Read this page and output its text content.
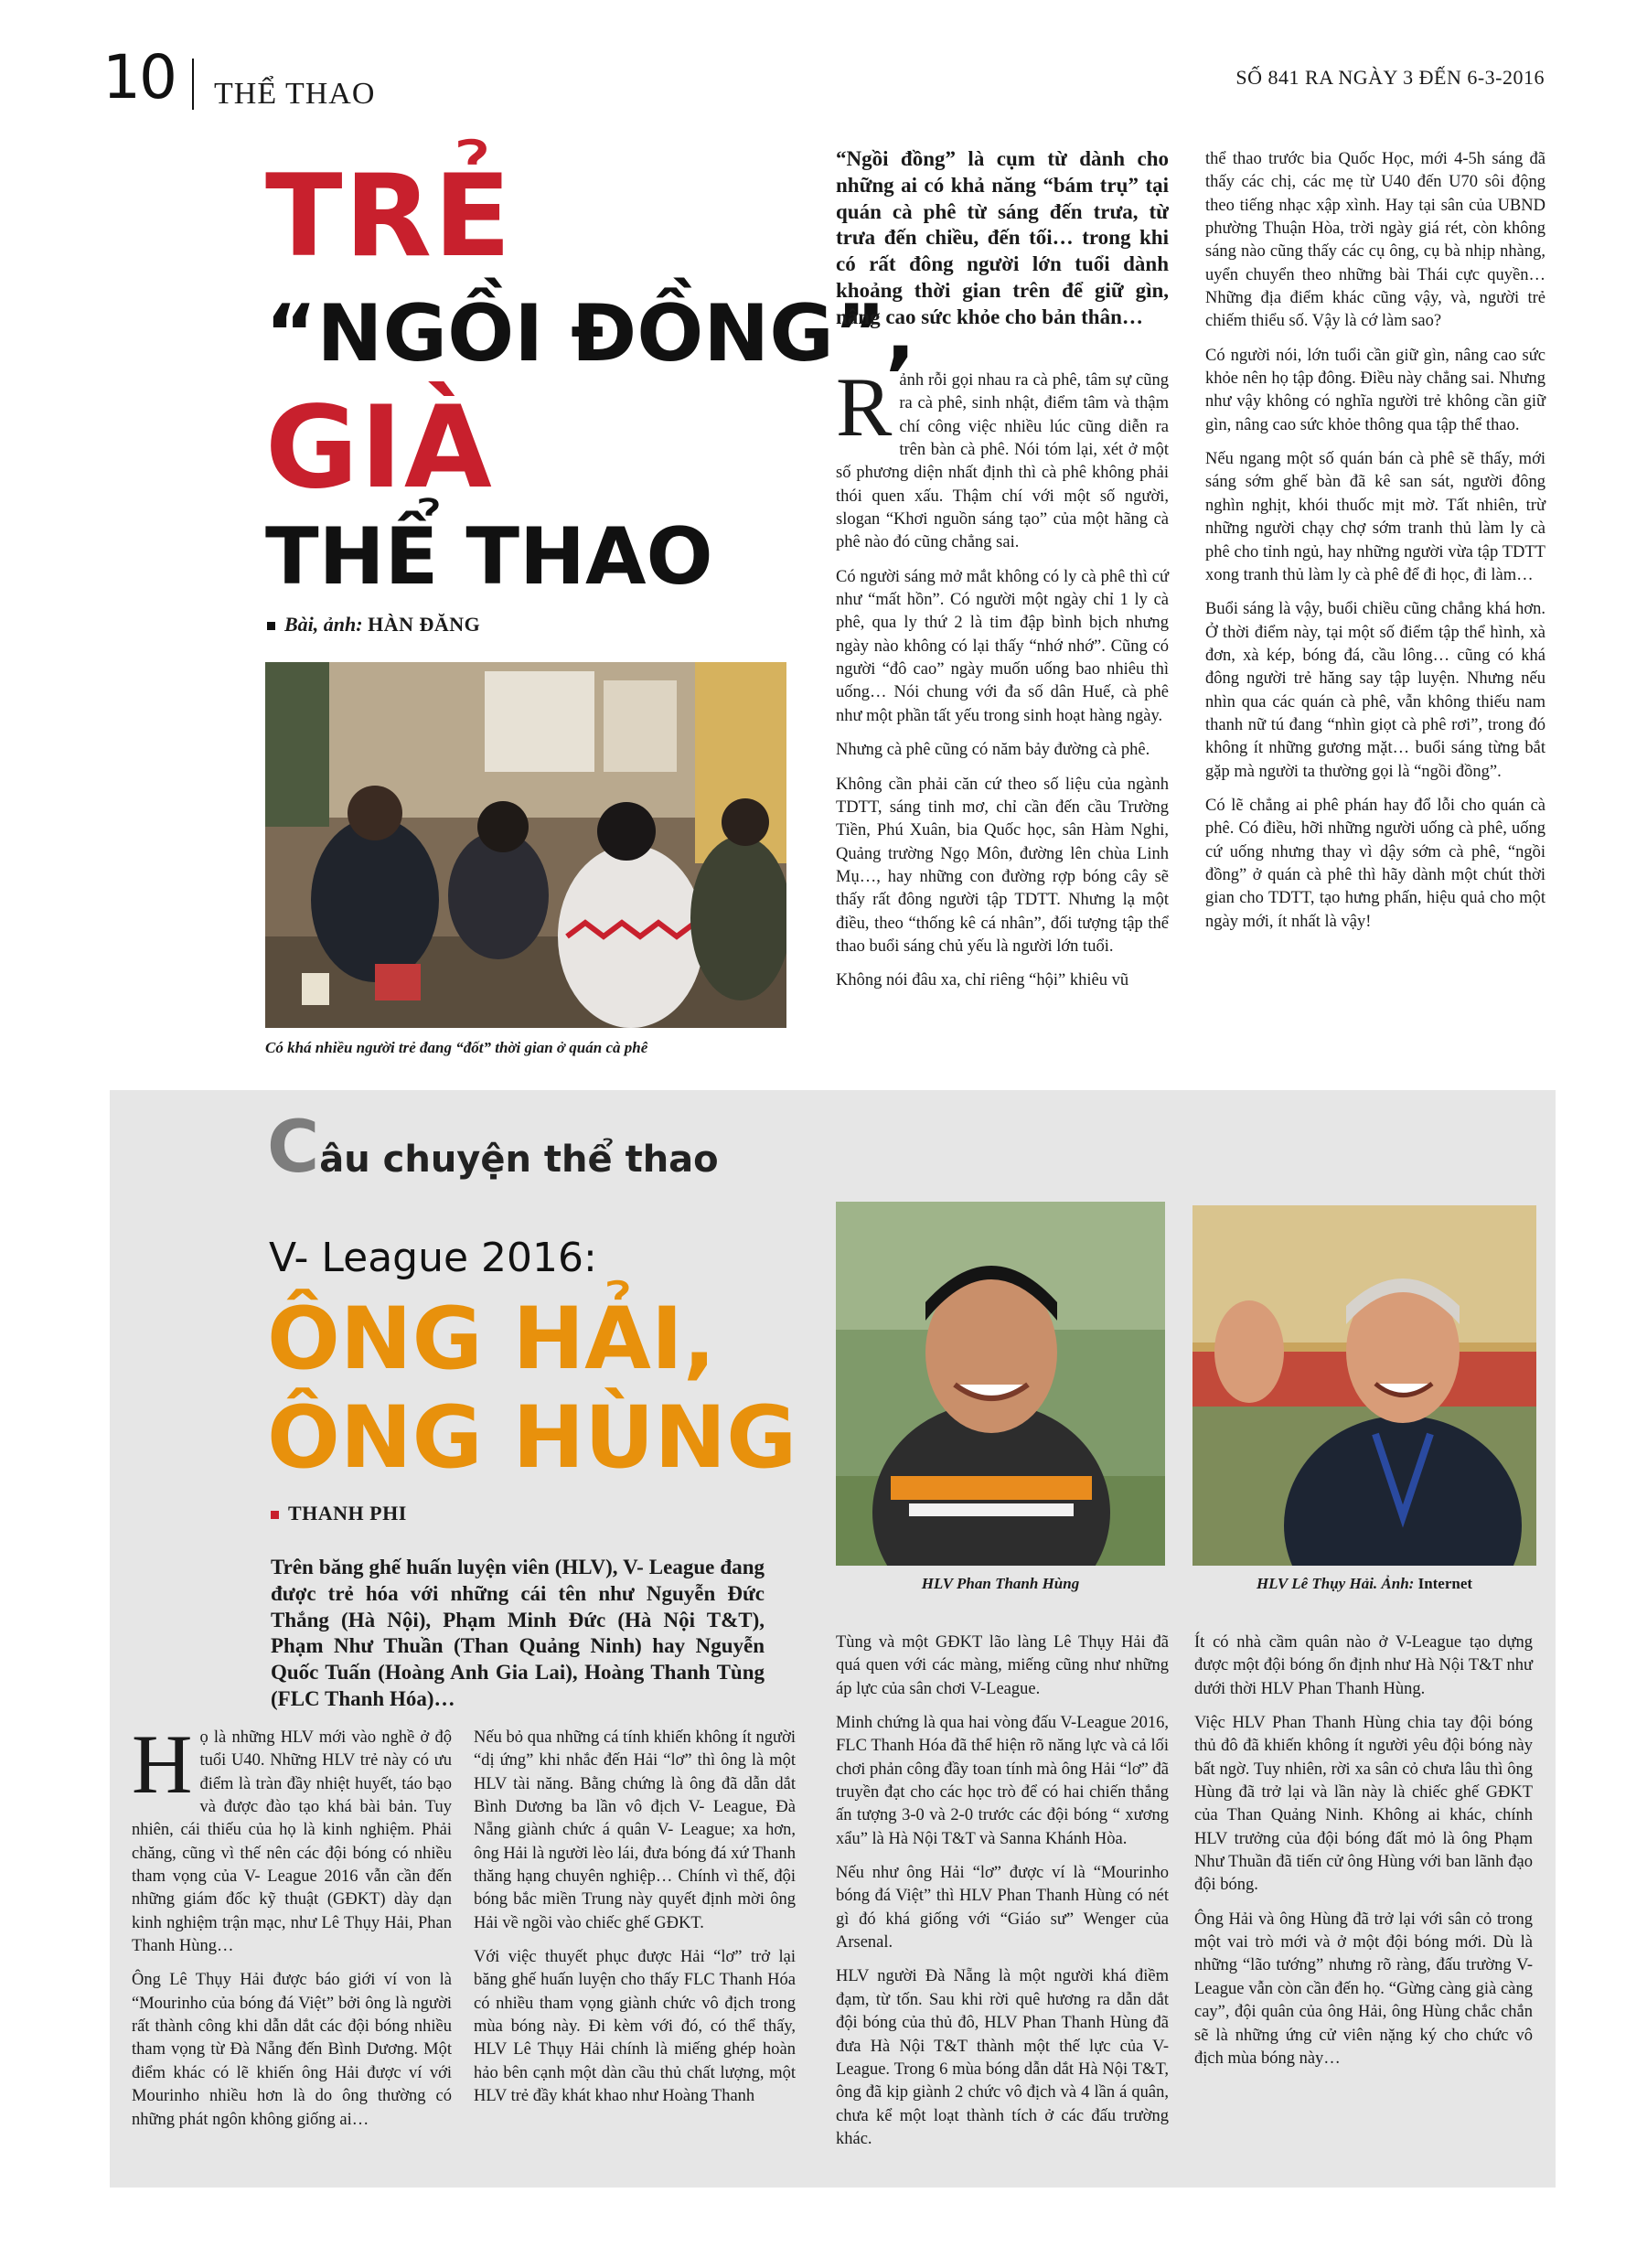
10 THỂ THAO	SỐ 841 RA NGÀY 3 ĐẾN 6-3-2016
TRẺ
“NGỒI ĐỒNG”,
GIÀ
THỂ THAO
Bài, ảnh: HÀN ĐĂNG
Có khá nhiều người trẻ đang “đốt” thời gian ở quán cà phê
“Ngồi đồng” là cụm từ dành cho những ai có khả năng “bám trụ” tại quán cà phê từ sáng đến trưa, từ trưa đến chiều, đến tối… trong khi có rất đông người lớn tuổi dành khoảng thời gian trên để giữ gìn, nâng cao sức khỏe cho bản thân…

Rảnh rỗi gọi nhau ra cà phê, tâm sự cũng ra cà phê, sinh nhật, điểm tâm và thậm chí công việc nhiều lúc cũng diễn ra trên bàn cà phê. Nói tóm lại, xét ở một số phương diện nhất định thì cà phê không phải thói quen xấu. Thậm chí với một số người, slogan “Khơi nguồn sáng tạo” của một hãng cà phê nào đó cũng chẳng sai.

Có người sáng mở mắt không có ly cà phê thì cứ như “mất hồn”. Có người một ngày chỉ 1 ly cà phê, qua ly thứ 2 là tim đập bình bịch nhưng ngày nào không có lại thấy “nhớ nhớ”. Cũng có người “đô cao” ngày muốn uống bao nhiêu thì uống… Nói chung với đa số dân Huế, cà phê như một phần tất yếu trong sinh hoạt hàng ngày.

Nhưng cà phê cũng có năm bảy đường cà phê.

Không cần phải căn cứ theo số liệu của ngành TDTT, sáng tinh mơ, chỉ cần đến cầu Trường Tiền, Phú Xuân, bia Quốc học, sân Hàm Nghi, Quảng trường Ngọ Môn, đường lên chùa Linh Mụ…, hay những con đường rợp bóng cây sẽ thấy rất đông người tập TDTT. Nhưng lạ một điều, theo “thống kê cá nhân”, đối tượng tập thể thao buổi sáng chủ yếu là người lớn tuổi.

Không nói đâu xa, chỉ riêng “hội” khiêu vũ

thể thao trước bia Quốc Học, mới 4-5h sáng đã thấy các chị, các mẹ từ U40 đến U70 sôi động theo tiếng nhạc xập xình. Hay tại sân của UBND phường Thuận Hòa, trời ngày giá rét, còn không sáng nào cũng thấy các cụ ông, cụ bà nhịp nhàng, uyển chuyển theo những bài Thái cực quyền… Những địa điểm khác cũng vậy, và, người trẻ chiếm thiểu số. Vậy là cớ làm sao?

Có người nói, lớn tuổi cần giữ gìn, nâng cao sức khỏe nên họ tập đông. Điều này chẳng sai. Nhưng như vậy không có nghĩa người trẻ không cần giữ gìn, nâng cao sức khỏe thông qua tập thể thao.

Nếu ngang một số quán bán cà phê sẽ thấy, mới sáng sớm ghế bàn đã kê san sát, người đông nghìn nghịt, khói thuốc mịt mờ. Tất nhiên, trừ những người chạy chợ sớm tranh thủ làm ly cà phê cho tỉnh ngủ, hay những người vừa tập TDTT xong tranh thủ làm ly cà phê để đi học, đi làm…

Buổi sáng là vậy, buổi chiều cũng chẳng khá hơn. Ở thời điểm này, tại một số điểm tập thể hình, xà đơn, xà kép, bóng đá, cầu lông… cũng có khá đông người trẻ hăng say tập luyện. Nhưng nếu nhìn qua các quán cà phê, vẫn không thiếu nam thanh nữ tú đang “nhìn giọt cà phê rơi”, trong đó không ít những gương mặt… buổi sáng từng bắt gặp mà người ta thường gọi là “ngồi đồng”.

Có lẽ chẳng ai phê phán hay đổ lỗi cho quán cà phê. Có điều, hỡi những người uống cà phê, uống cứ uống nhưng thay vì dậy sớm cà phê, “ngồi đồng” ở quán cà phê thì hãy dành một chút thời gian cho TDTT, tạo hưng phấn, hiệu quả cho một ngày mới, ít nhất là vậy!

Câu chuyện thể thao
V- League 2016:
ÔNG HẢI,
ÔNG HÙNG
THANH PHI
Trên băng ghế huấn luyện viên (HLV), V- League đang được trẻ hóa với những cái tên như Nguyễn Đức Thắng (Hà Nội), Phạm Minh Đức (Hà Nội T&T), Phạm Như Thuần (Than Quảng Ninh) hay Nguyễn Quốc Tuấn (Hoàng Anh Gia Lai), Hoàng Thanh Tùng (FLC Thanh Hóa)…
HLV Phan Thanh Hùng	HLV Lê Thụy Hải. Ảnh: Internet

Họ là những HLV mới vào nghề ở độ tuổi U40. Những HLV trẻ này có ưu điểm là tràn đầy nhiệt huyết, táo bạo và được đào tạo khá bài bản. Tuy nhiên, cái thiếu của họ là kinh nghiệm. Phải chăng, cũng vì thế nên các đội bóng có nhiều tham vọng của V- League 2016 vẫn cần đến những giám đốc kỹ thuật (GĐKT) dày dạn kinh nghiệm trận mạc, như Lê Thụy Hải, Phan Thanh Hùng…

Ông Lê Thụy Hải được báo giới ví von là “Mourinho của bóng đá Việt” bởi ông là người rất thành công khi dẫn dắt các đội bóng nhiều tham vọng từ Đà Nẵng đến Bình Dương. Một điểm khác có lẽ khiến ông Hải được ví với Mourinho nhiều hơn là do ông thường có những phát ngôn không giống ai…

Nếu bỏ qua những cá tính khiến không ít người “dị ứng” khi nhắc đến Hải “lơ” thì ông là một HLV tài năng. Bằng chứng là ông đã dẫn dắt Bình Dương ba lần vô địch V- League, Đà Nẵng giành chức á quân V- League; xa hơn, ông Hải là người lèo lái, đưa bóng đá xứ Thanh thăng hạng chuyên nghiệp… Chính vì thế, đội bóng bắc miền Trung này quyết định mời ông Hải về ngồi vào chiếc ghế GĐKT.

Với việc thuyết phục được Hải “lơ” trở lại băng ghế huấn luyện cho thấy FLC Thanh Hóa có nhiều tham vọng giành chức vô địch trong mùa bóng này. Đi kèm với đó, có thể thấy, HLV Lê Thụy Hải chính là miếng ghép hoàn hảo bên cạnh một dàn cầu thủ chất lượng, một HLV trẻ đầy khát khao như Hoàng Thanh

Tùng và một GĐKT lão làng Lê Thụy Hải đã quá quen với các màng, miếng cũng như những áp lực của sân chơi V-League.

Minh chứng là qua hai vòng đấu V-League 2016, FLC Thanh Hóa đã thể hiện rõ năng lực và cả lối chơi phản công đầy toan tính mà ông Hải “lơ” đã truyền đạt cho các học trò để có hai chiến thắng ấn tượng 3-0 và 2-0 trước các đội bóng “ xương xẩu” là Hà Nội T&T và Sanna Khánh Hòa.

Nếu như ông Hải “lơ” được ví là “Mourinho bóng đá Việt” thì HLV Phan Thanh Hùng có nét gì đó khá giống với “Giáo sư” Wenger của Arsenal.

HLV người Đà Nẵng là một người khá điềm đạm, từ tốn. Sau khi rời quê hương ra dẫn dắt đội bóng của thủ đô, HLV Phan Thanh Hùng đã đưa Hà Nội T&T thành một thế lực của V-League. Trong 6 mùa bóng dẫn dắt Hà Nội T&T, ông đã kịp giành 2 chức vô địch và 4 lần á quân, chưa kể một loạt thành tích ở các đấu trường khác.

Ít có nhà cầm quân nào ở V-League tạo dựng được một đội bóng ổn định như Hà Nội T&T như dưới thời HLV Phan Thanh Hùng.

Việc HLV Phan Thanh Hùng chia tay đội bóng thủ đô đã khiến không ít người yêu đội bóng này bất ngờ. Tuy nhiên, rời xa sân cỏ chưa lâu thì ông Hùng đã trở lại và lần này là chiếc ghế GĐKT của Than Quảng Ninh. Không ai khác, chính HLV trưởng của đội bóng đất mỏ là ông Phạm Như Thuần đã tiến cử ông Hùng với ban lãnh đạo đội bóng.

Ông Hải và ông Hùng đã trở lại với sân cỏ trong một vai trò mới và ở một đội bóng mới. Dù là những “lão tướng” nhưng rõ ràng, đấu trường V- League vẫn còn cần đến họ. “Gừng càng già càng cay”, đội quân của ông Hải, ông Hùng chắc chắn sẽ là những ứng cử viên nặng ký cho chức vô địch mùa bóng này…
